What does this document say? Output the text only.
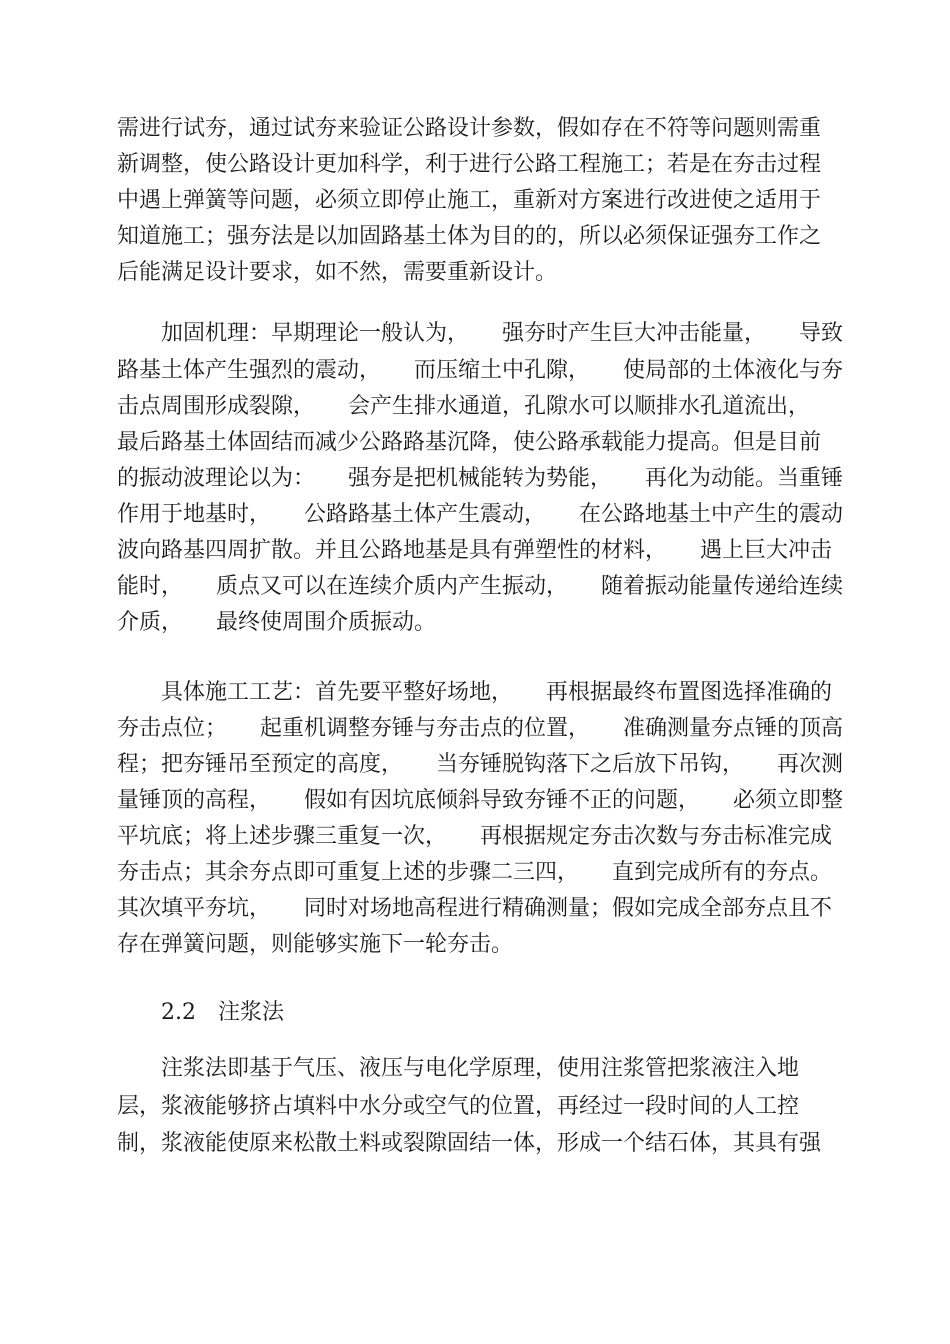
需进行试夯，通过试夯来验证公路设计参数，假如存在不符等问题则需重
新调整，使公路设计更加科学，利于进行公路工程施工；若是在夯击过程
中遇上弹簧等问题，必须立即停止施工，重新对方案进行改进使之适用于
知道施工；强夯法是以加固路基土体为目的的，所以必须保证强夯工作之
后能满足设计要求，如不然，需要重新设计。
　　加固机理：早期理论一般认为，　　强夯时产生巨大冲击能量，　　导致
路基土体产生强烈的震动，　　而压缩土中孔隙，　　使局部的土体液化与夯
击点周围形成裂隙，　　会产生排水通道，孔隙水可以顺排水孔道流出，
最后路基土体固结而减少公路路基沉降，使公路承载能力提高。但是目前
的振动波理论以为：　　强夯是把机械能转为势能，　　再化为动能。当重锤
作用于地基时，　　公路路基土体产生震动，　　在公路地基土中产生的震动
波向路基四周扩散。并且公路地基是具有弹塑性的材料，　　遇上巨大冲击
能时，　　质点又可以在连续介质内产生振动，　　随着振动能量传递给连续
介质，　　最终使周围介质振动。
　　具体施工工艺：首先要平整好场地，　　再根据最终布置图选择准确的
夯击点位；　　起重机调整夯锤与夯击点的位置，　　准确测量夯点锤的顶高
程；把夯锤吊至预定的高度，　　当夯锤脱钩落下之后放下吊钩，　　再次测
量锤顶的高程，　　假如有因坑底倾斜导致夯锤不正的问题，　　必须立即整
平坑底；将上述步骤三重复一次，　　再根据规定夯击次数与夯击标准完成
夯击点；其余夯点即可重复上述的步骤二三四，　　直到完成所有的夯点。
其次填平夯坑，　　同时对场地高程进行精确测量；假如完成全部夯点且不
存在弹簧问题，则能够实施下一轮夯击。
　　2.2　注浆法
　　注浆法即基于气压、液压与电化学原理，使用注浆管把浆液注入地
层，浆液能够挤占填料中水分或空气的位置，再经过一段时间的人工控
制，浆液能使原来松散土料或裂隙固结一体，形成一个结石体，其具有强
